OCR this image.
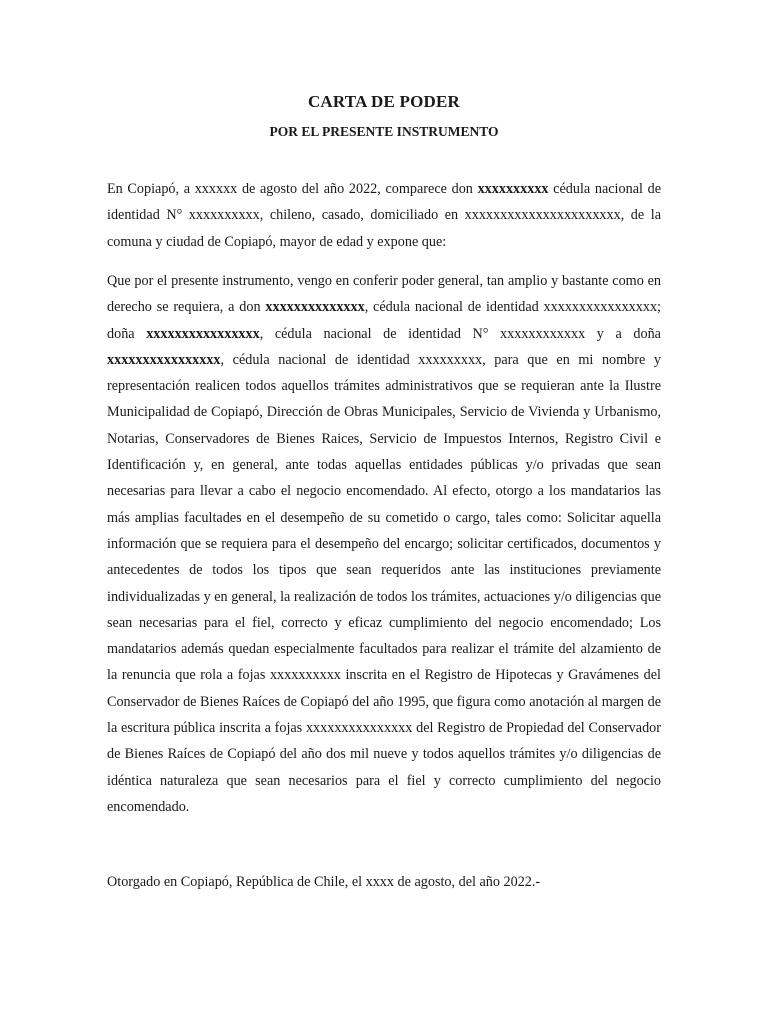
CARTA DE PODER
POR EL PRESENTE INSTRUMENTO

En Copiapó, a xxxxxx de agosto del año 2022, comparece don xxxxxxxxxx cédula nacional de identidad N° xxxxxxxxxx, chileno, casado, domiciliado en xxxxxxxxxxxxxxxxxxxxxx, de la comuna y ciudad de Copiapó, mayor de edad y expone que:

Que por el presente instrumento, vengo en conferir poder general, tan amplio y bastante como en derecho se requiera, a don xxxxxxxxxxxxxx, cédula nacional de identidad xxxxxxxxxxxxxxxx; doña xxxxxxxxxxxxxxxx, cédula nacional de identidad N° xxxxxxxxxxxx y a doña xxxxxxxxxxxxxxxx, cédula nacional de identidad xxxxxxxxx, para que en mi nombre y representación realicen todos aquellos trámites administrativos que se requieran ante la Ilustre Municipalidad de Copiapó, Dirección de Obras Municipales, Servicio de Vivienda y Urbanismo, Notarias, Conservadores de Bienes Raices, Servicio de Impuestos Internos, Registro Civil e Identificación y, en general, ante todas aquellas entidades públicas y/o privadas que sean necesarias para llevar a cabo el negocio encomendado. Al efecto, otorgo a los mandatarios las más amplias facultades en el desempeño de su cometido o cargo, tales como: Solicitar aquella información que se requiera para el desempeño del encargo; solicitar certificados, documentos y antecedentes de todos los tipos que sean requeridos ante las instituciones previamente individualizadas y en general, la realización de todos los trámites, actuaciones y/o diligencias que sean necesarias para el fiel, correcto y eficaz cumplimiento del negocio encomendado; Los mandatarios además quedan especialmente facultados para realizar el trámite del alzamiento de la renuncia que rola a fojas xxxxxxxxxx inscrita en el Registro de Hipotecas y Gravámenes del Conservador de Bienes Raíces de Copiapó del año 1995, que figura como anotación al margen de la escritura pública inscrita a fojas xxxxxxxxxxxxxxx del Registro de Propiedad del Conservador de Bienes Raíces de Copiapó del año dos mil nueve y todos aquellos trámites y/o diligencias de idéntica naturaleza que sean necesarios para el fiel y correcto cumplimiento del negocio encomendado.

Otorgado en Copiapó, República de Chile, el xxxx de agosto, del año 2022.-
